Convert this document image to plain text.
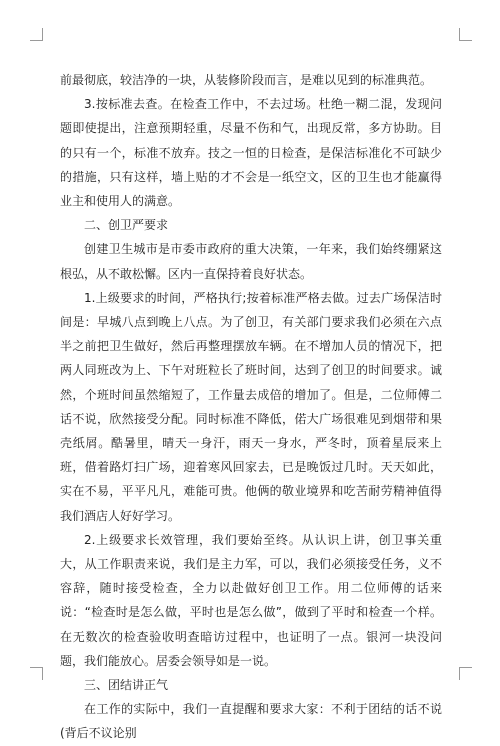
前最彻底，较洁净的一块，从装修阶段而言，是难以见到的标准典范。

3.按标准去查。在检查工作中，不去过场。杜绝一糊二混，发现问题即使提出，注意预期轻重，尽量不伤和气，出现反常，多方协助。目的只有一个，标准不放弃。技之一恒的日检查，是保洁标准化不可缺少的措施，只有这样，墙上贴的才不会是一纸空文，区的卫生也才能赢得业主和使用人的满意。

二、创卫严要求

创建卫生城市是市委市政府的重大决策，一年来，我们始终绷紧这根弘，从不敢松懈。区内一直保持着良好状态。

1.上级要求的时间，严格执行;按着标准严格去做。过去广场保洁时间是：早城八点到晚上八点。为了创卫，有关部门要求我们必须在六点半之前把卫生做好，然后再整理摆放车辆。在不增加人员的情况下，把两人同班改为上、下午对班粒长了班时间，达到了创卫的时间要求。诚然，个班时间虽然缩短了，工作量去成倍的增加了。但是，二位师傅二话不说，欣然接受分配。同时标准不降低，偌大广场很难见到烟带和果壳纸屑。酷暑里，晴天一身汗，雨天一身水，严冬时，顶着星辰来上班，借着路灯扫广场，迎着寒风回家去，已是晚饭过几时。天天如此，实在不易，平平凡凡，难能可贵。他俩的敬业境界和吃苦耐劳精神值得我们酒店人好好学习。

2.上级要求长效管理，我们要始至终。从认识上讲，创卫事关重大，从工作职责来说，我们是主力军，可以，我们必须接受任务，义不容辞，随时接受检查，全力以赴做好创卫工作。用二位师傅的话来说：“检查时是怎么做，平时也是怎么做”，做到了平时和检查一个样。在无数次的检查验收明查暗访过程中，也证明了一点。银河一块没问题，我们能放心。居委会领导如是一说。

三、团结讲正气

在工作的实际中，我们一直提醒和要求大家：不利于团结的话不说(背后不议论别
